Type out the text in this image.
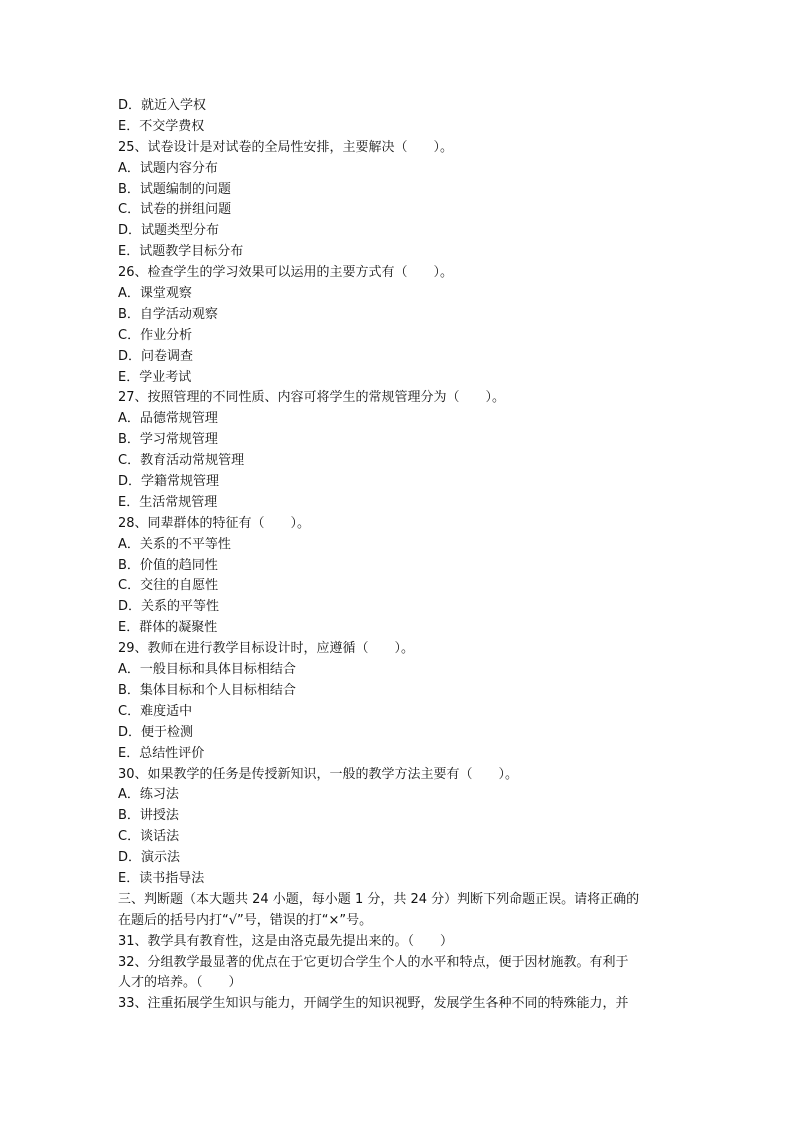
D．就近入学权
E．不交学费权
25、试卷设计是对试卷的全局性安排，主要解决（　　）。
A．试题内容分布
B．试题编制的问题
C．试卷的拼组问题
D．试题类型分布
E．试题教学目标分布
26、检查学生的学习效果可以运用的主要方式有（　　）。
A．课堂观察
B．自学活动观察
C．作业分析
D．问卷调查
E．学业考试
27、按照管理的不同性质、内容可将学生的常规管理分为（　　）。
A．品德常规管理
B．学习常规管理
C．教育活动常规管理
D．学籍常规管理
E．生活常规管理
28、同辈群体的特征有（　　）。
A．关系的不平等性
B．价值的趋同性
C．交往的自愿性
D．关系的平等性
E．群体的凝聚性
29、教师在进行教学目标设计时，应遵循（　　）。
A．一般目标和具体目标相结合
B．集体目标和个人目标相结合
C．难度适中
D．便于检测
E．总结性评价
30、如果教学的任务是传授新知识，一般的教学方法主要有（　　）。
A．练习法
B．讲授法
C．谈话法
D．演示法
E．读书指导法
三、判断题（本大题共 24 小题，每小题 1 分，共 24 分）判断下列命题正误。请将正确的
在题后的括号内打“√”号，错误的打“×”号。
31、教学具有教育性，这是由洛克最先提出来的。（　　）
32、分组教学最显著的优点在于它更切合学生个人的水平和特点，便于因材施教。有利于
人才的培养。（　　）
33、注重拓展学生知识与能力，开阔学生的知识视野，发展学生各种不同的特殊能力，并
